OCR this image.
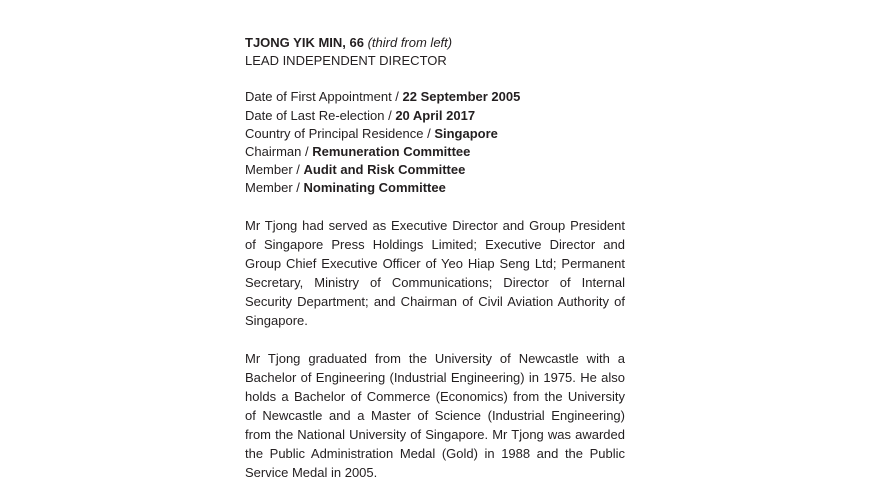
TJONG YIK MIN, 66 (third from left)

LEAD INDEPENDENT DIRECTOR

Date of First Appointment / 22 September 2005

Date of Last Re-election / 20 April 2017

Country of Principal Residence / Singapore

Chairman / Remuneration Committee

Member / Audit and Risk Committee

Member / Nominating Committee

Mr Tjong had served as Executive Director and Group President of Singapore Press Holdings Limited; Executive Director and Group Chief Executive Officer of Yeo Hiap Seng Ltd; Permanent Secretary, Ministry of Communications; Director of Internal Security Department; and Chairman of Civil Aviation Authority of Singapore.

Mr Tjong graduated from the University of Newcastle with a Bachelor of Engineering (Industrial Engineering) in 1975. He also holds a Bachelor of Commerce (Economics) from the University of Newcastle and a Master of Science (Industrial Engineering) from the National University of Singapore. Mr Tjong was awarded the Public Administration Medal (Gold) in 1988 and the Public Service Medal in 2005.
